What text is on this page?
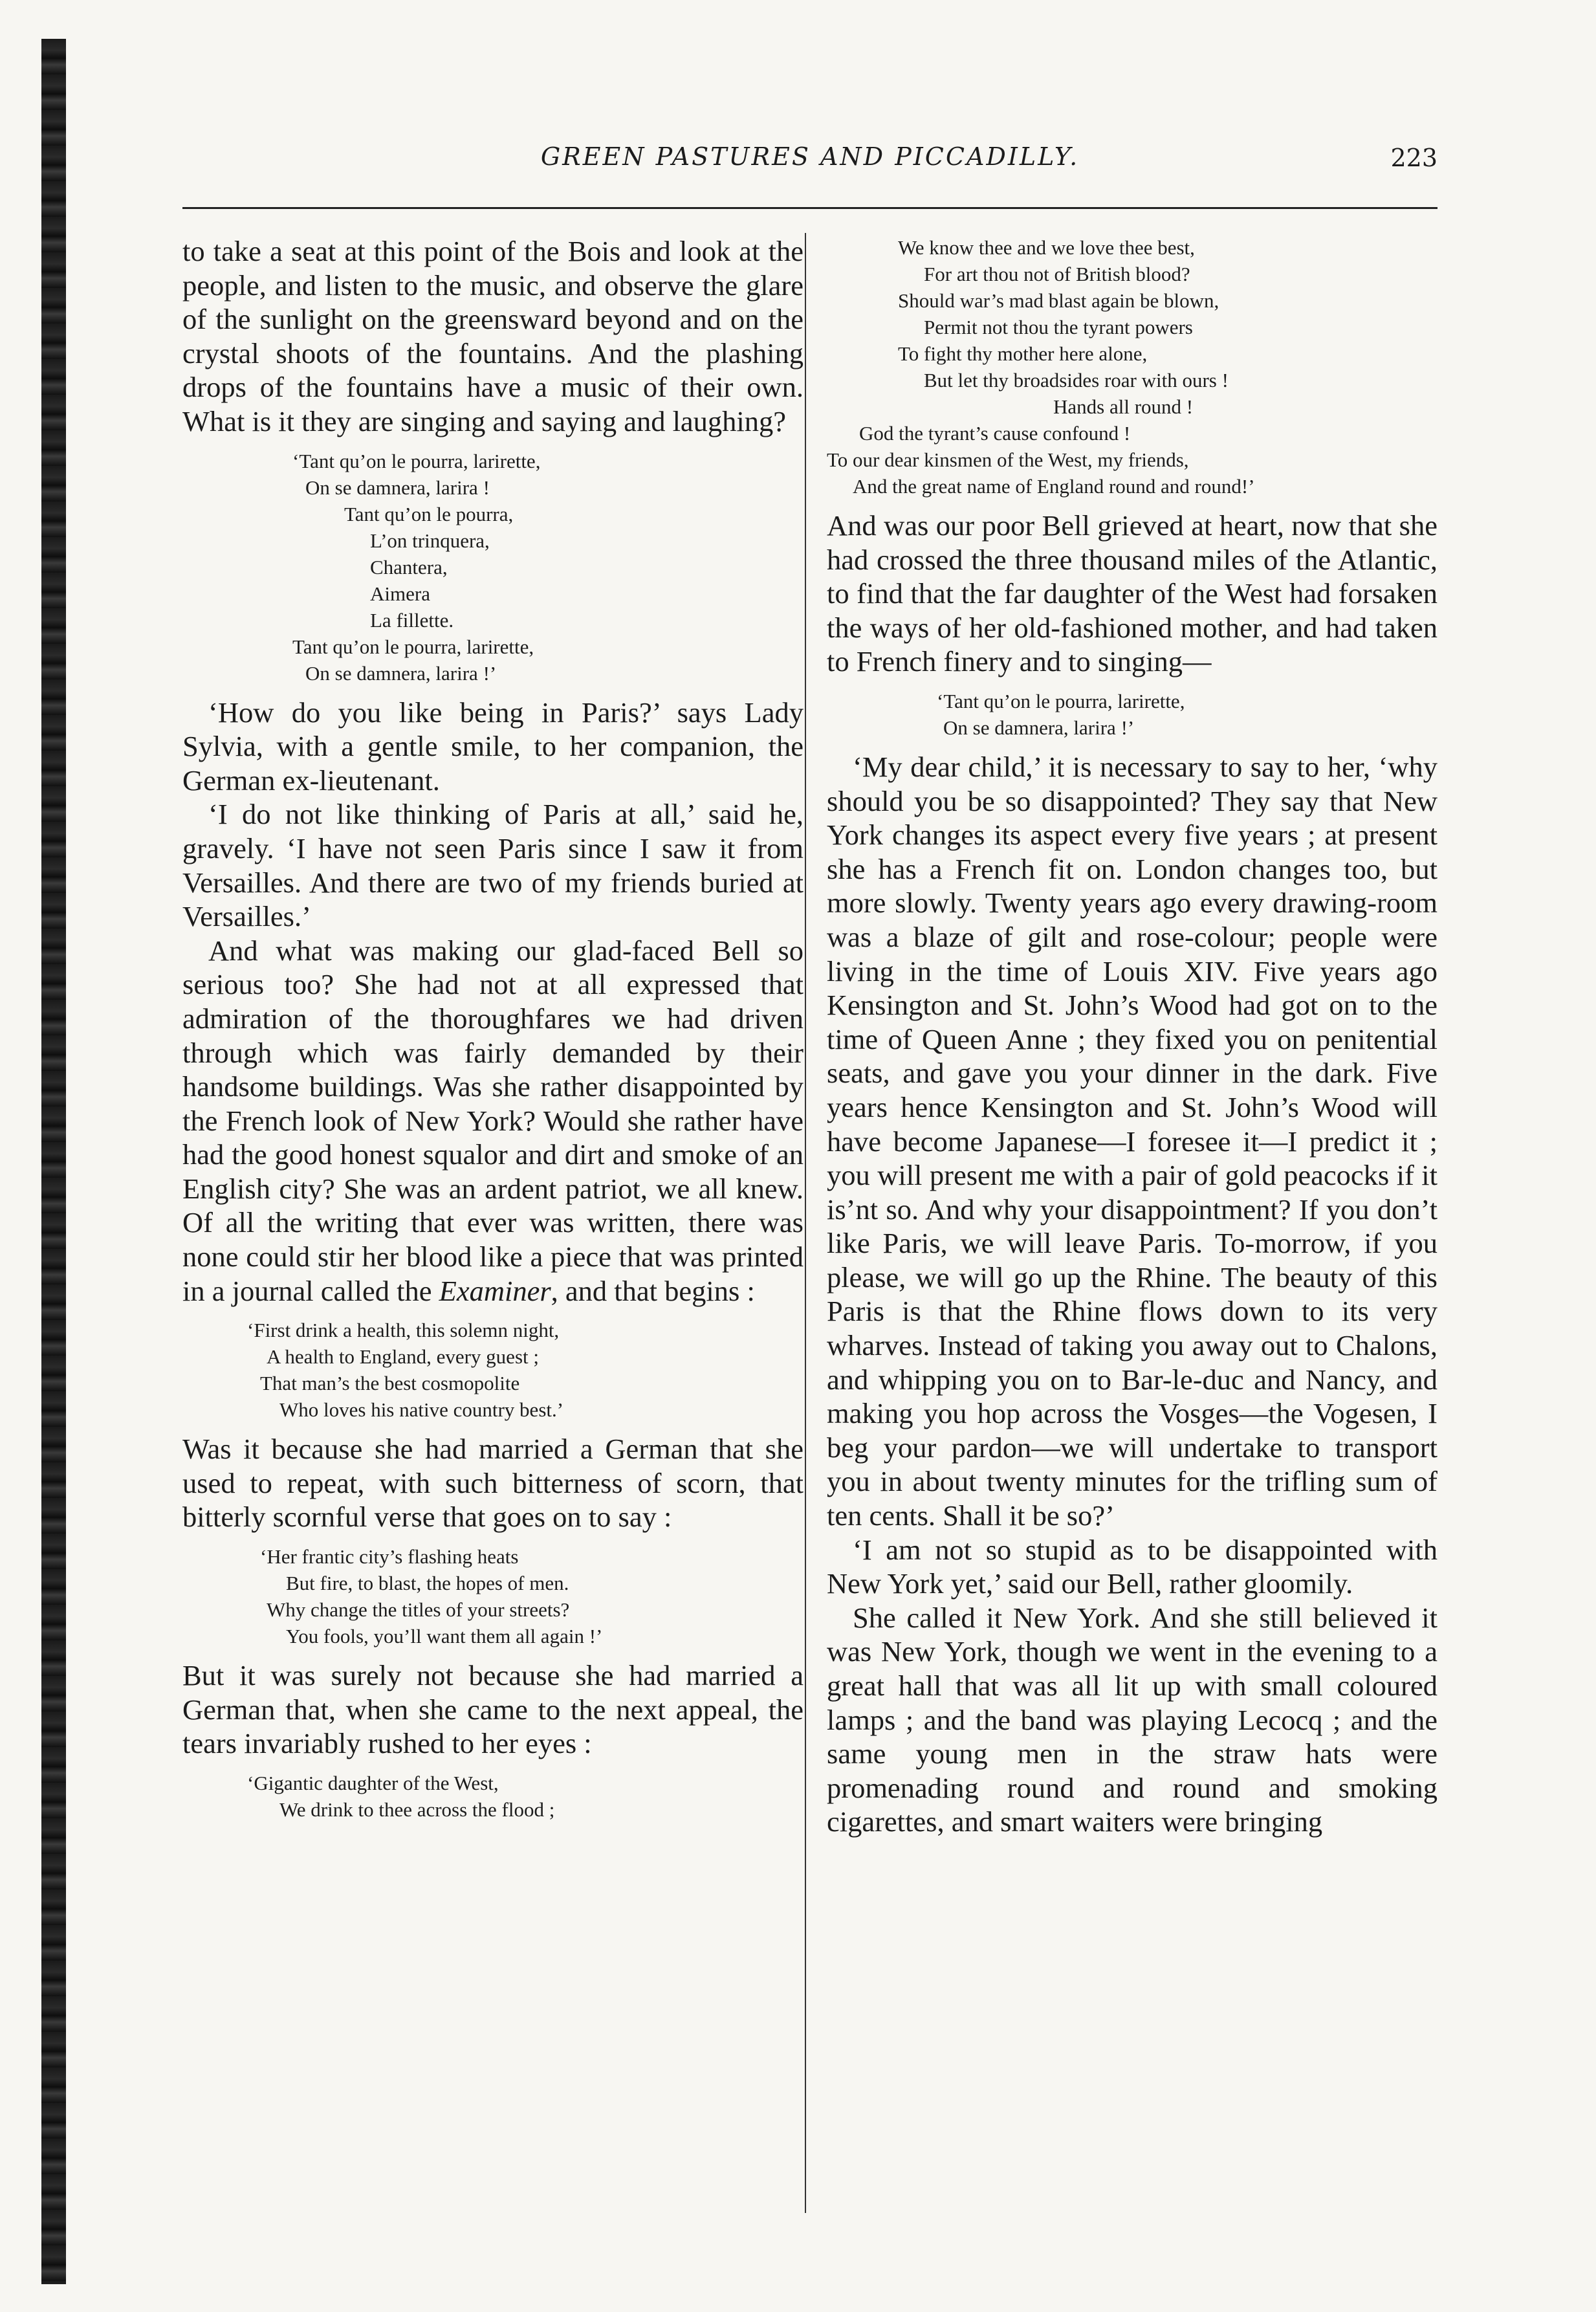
GREEN PASTURES AND PICCADILLY.	223

to take a seat at this point of the Bois and look at the people, and listen to the music, and observe the glare of the sunlight on the greensward beyond and on the crystal shoots of the fountains. And the plashing drops of the fountains have a music of their own. What is it they are singing and saying and laughing?

‘Tant qu’on le pourra, larirette,
On se damnera, larira !
Tant qu’on le pourra,
L’on trinquera,
Chantera,
Aimera
La fillette.
Tant qu’on le pourra, larirette,
On se damnera, larira !’

‘How do you like being in Paris?’ says Lady Sylvia, with a gentle smile, to her companion, the German ex-lieutenant.

‘I do not like thinking of Paris at all,’ said he, gravely. ‘I have not seen Paris since I saw it from Versailles. And there are two of my friends buried at Versailles.’

And what was making our glad-faced Bell so serious too? She had not at all expressed that admiration of the thoroughfares we had driven through which was fairly demanded by their handsome buildings. Was she rather disappointed by the French look of New York? Would she rather have had the good honest squalor and dirt and smoke of an English city? She was an ardent patriot, we all knew. Of all the writing that ever was written, there was none could stir her blood like a piece that was printed in a journal called the Examiner, and that begins :

‘First drink a health, this solemn night,
A health to England, every guest ;
That man’s the best cosmopolite
Who loves his native country best.’

Was it because she had married a German that she used to repeat, with such bitterness of scorn, that bitterly scornful verse that goes on to say :

‘Her frantic city’s flashing heats
But fire, to blast, the hopes of men.
Why change the titles of your streets?
You fools, you’ll want them all again !’

But it was surely not because she had married a German that, when she came to the next appeal, the tears invariably rushed to her eyes :

‘Gigantic daughter of the West,
We drink to thee across the flood ;
We know thee and we love thee best,
For art thou not of British blood?
Should war’s mad blast again be blown,
Permit not thou the tyrant powers
To fight thy mother here alone,
But let thy broadsides roar with ours !
Hands all round !
God the tyrant’s cause confound !
To our dear kinsmen of the West, my friends,
And the great name of England round and round!’

And was our poor Bell grieved at heart, now that she had crossed the three thousand miles of the Atlantic, to find that the far daughter of the West had forsaken the ways of her old-fashioned mother, and had taken to French finery and to singing—

‘Tant qu’on le pourra, larirette,
On se damnera, larira !’

‘My dear child,’ it is necessary to say to her, ‘why should you be so disappointed? They say that New York changes its aspect every five years ; at present she has a French fit on. London changes too, but more slowly. Twenty years ago every drawing-room was a blaze of gilt and rose-colour; people were living in the time of Louis XIV. Five years ago Kensington and St. John’s Wood had got on to the time of Queen Anne ; they fixed you on penitential seats, and gave you your dinner in the dark. Five years hence Kensington and St. John’s Wood will have become Japanese—I foresee it—I predict it ; you will present me with a pair of gold peacocks if it is’nt so. And why your disappointment? If you don’t like Paris, we will leave Paris. To-morrow, if you please, we will go up the Rhine. The beauty of this Paris is that the Rhine flows down to its very wharves. Instead of taking you away out to Chalons, and whipping you on to Bar-le-duc and Nancy, and making you hop across the Vosges—the Vogesen, I beg your pardon—we will undertake to transport you in about twenty minutes for the trifling sum of ten cents. Shall it be so?’

‘I am not so stupid as to be disappointed with New York yet,’ said our Bell, rather gloomily.

She called it New York. And she still believed it was New York, though we went in the evening to a great hall that was all lit up with small coloured lamps ; and the band was playing Lecocq ; and the same young men in the straw hats were promenading round and round and smoking cigarettes, and smart waiters were bringing
